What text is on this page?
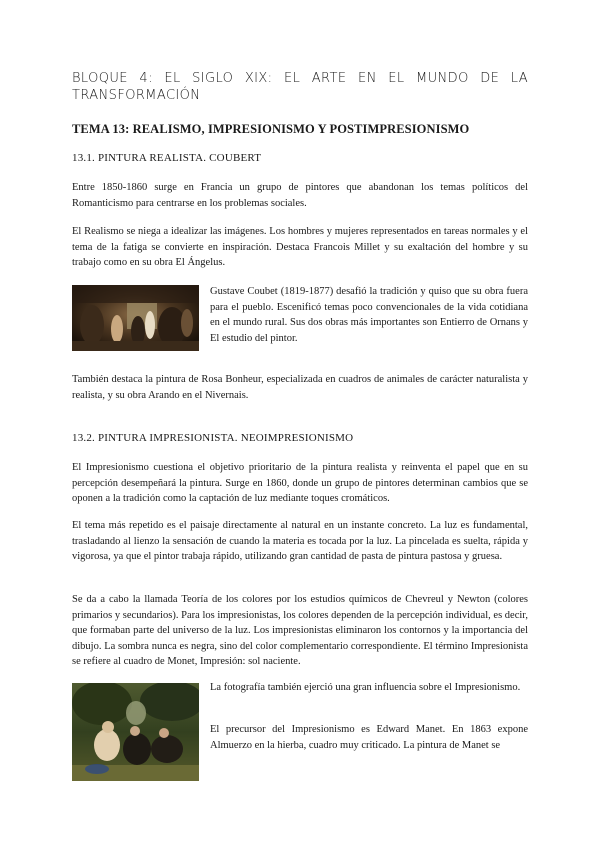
BLOQUE 4: EL SIGLO XIX: EL ARTE EN EL MUNDO DE LA TRANSFORMACIÓN
TEMA 13: REALISMO, IMPRESIONISMO Y POSTIMPRESIONISMO
13.1. PINTURA REALISTA. COUBERT

Entre 1850-1860 surge en Francia un grupo de pintores que abandonan los temas políticos del Romanticismo para centrarse en los problemas sociales.

El Realismo se niega a idealizar las imágenes. Los hombres y mujeres representados en tareas normales y el tema de la fatiga se convierte en inspiración. Destaca Francois Millet y su exaltación del hombre y su trabajo como en su obra El Ángelus.

Gustave Coubet (1819-1877) desafió la tradición y quiso que su obra fuera para el pueblo. Escenificó temas poco convencionales de la vida cotidiana en el mundo rural. Sus dos obras más importantes son Entierro de Ornans y El estudio del pintor.

También destaca la pintura de Rosa Bonheur, especializada en cuadros de animales de carácter naturalista y realista, y su obra Arando en el Nivernais.

13.2. PINTURA IMPRESIONISTA. NEOIMPRESIONISMO

El Impresionismo cuestiona el objetivo prioritario de la pintura realista y reinventa el papel que en su percepción desempeñará la pintura. Surge en 1860, donde un grupo de pintores determinan cambios que se oponen a la tradición como la captación de luz mediante toques cromáticos.

El tema más repetido es el paisaje directamente al natural en un instante concreto. La luz es fundamental, trasladando al lienzo la sensación de cuando la materia es tocada por la luz. La pincelada es suelta, rápida y vigorosa, ya que el pintor trabaja rápido, utilizando gran cantidad de pasta de pintura pastosa y gruesa.

Se da a cabo la llamada Teoría de los colores por los estudios químicos de Chevreul y Newton (colores primarios y secundarios). Para los impresionistas, los colores dependen de la percepción individual, es decir, que formaban parte del universo de la luz. Los impresionistas eliminaron los contornos y la importancia del dibujo. La sombra nunca es negra, sino del color complementario correspondiente. El término Impresionista se refiere al cuadro de Monet, Impresión: sol naciente.

La fotografía también ejerció una gran influencia sobre el Impresionismo.

El precursor del Impresionismo es Edward Manet. En 1863 expone Almuerzo en la hierba, cuadro muy criticado. La pintura de Manet se
